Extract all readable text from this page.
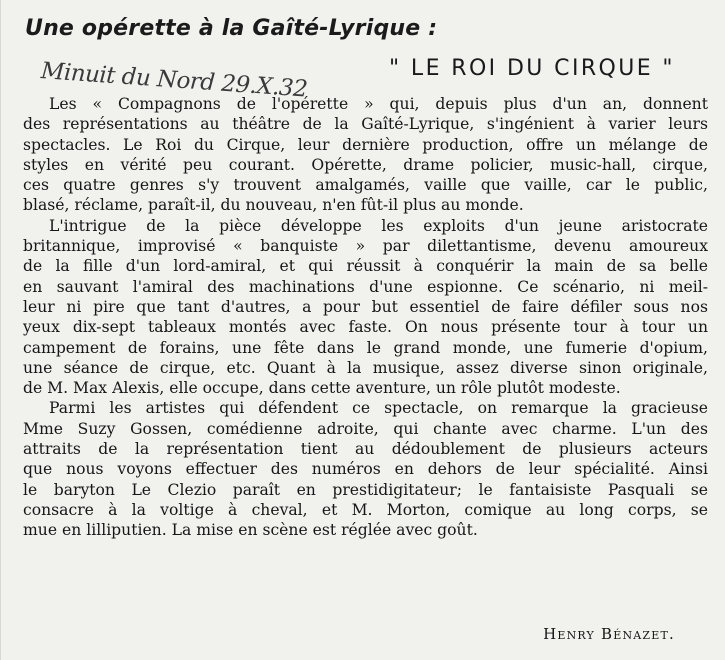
Une opérette à la Gaîté-Lyrique :
Minuit du Nord 29.X.32	" LE ROI DU CIRQUE "
Les « Compagnons de l'opérette » qui, depuis plus d'un an, donnent
des représentations au théâtre de la Gaîté-Lyrique, s'ingénient à varier leurs
spectacles. Le Roi du Cirque, leur dernière production, offre un mélange de
styles en vérité peu courant. Opérette, drame policier, music-hall, cirque,
ces quatre genres s'y trouvent amalgamés, vaille que vaille, car le public,
blasé, réclame, paraît-il, du nouveau, n'en fût-il plus au monde.
L'intrigue de la pièce développe les exploits d'un jeune aristocrate
britannique, improvisé « banquiste » par dilettantisme, devenu amoureux
de la fille d'un lord-amiral, et qui réussit à conquérir la main de sa belle
en sauvant l'amiral des machinations d'une espionne. Ce scénario, ni meil-
leur ni pire que tant d'autres, a pour but essentiel de faire défiler sous nos
yeux dix-sept tableaux montés avec faste. On nous présente tour à tour un
campement de forains, une fête dans le grand monde, une fumerie d'opium,
une séance de cirque, etc. Quant à la musique, assez diverse sinon originale,
de M. Max Alexis, elle occupe, dans cette aventure, un rôle plutôt modeste.
Parmi les artistes qui défendent ce spectacle, on remarque la gracieuse
Mme Suzy Gossen, comédienne adroite, qui chante avec charme. L'un des
attraits de la représentation tient au dédoublement de plusieurs acteurs
que nous voyons effectuer des numéros en dehors de leur spécialité. Ainsi
le baryton Le Clezio paraît en prestidigitateur; le fantaisiste Pasquali se
consacre à la voltige à cheval, et M. Morton, comique au long corps, se
mue en lilliputien. La mise en scène est réglée avec goût.
Henry Bénazet.
